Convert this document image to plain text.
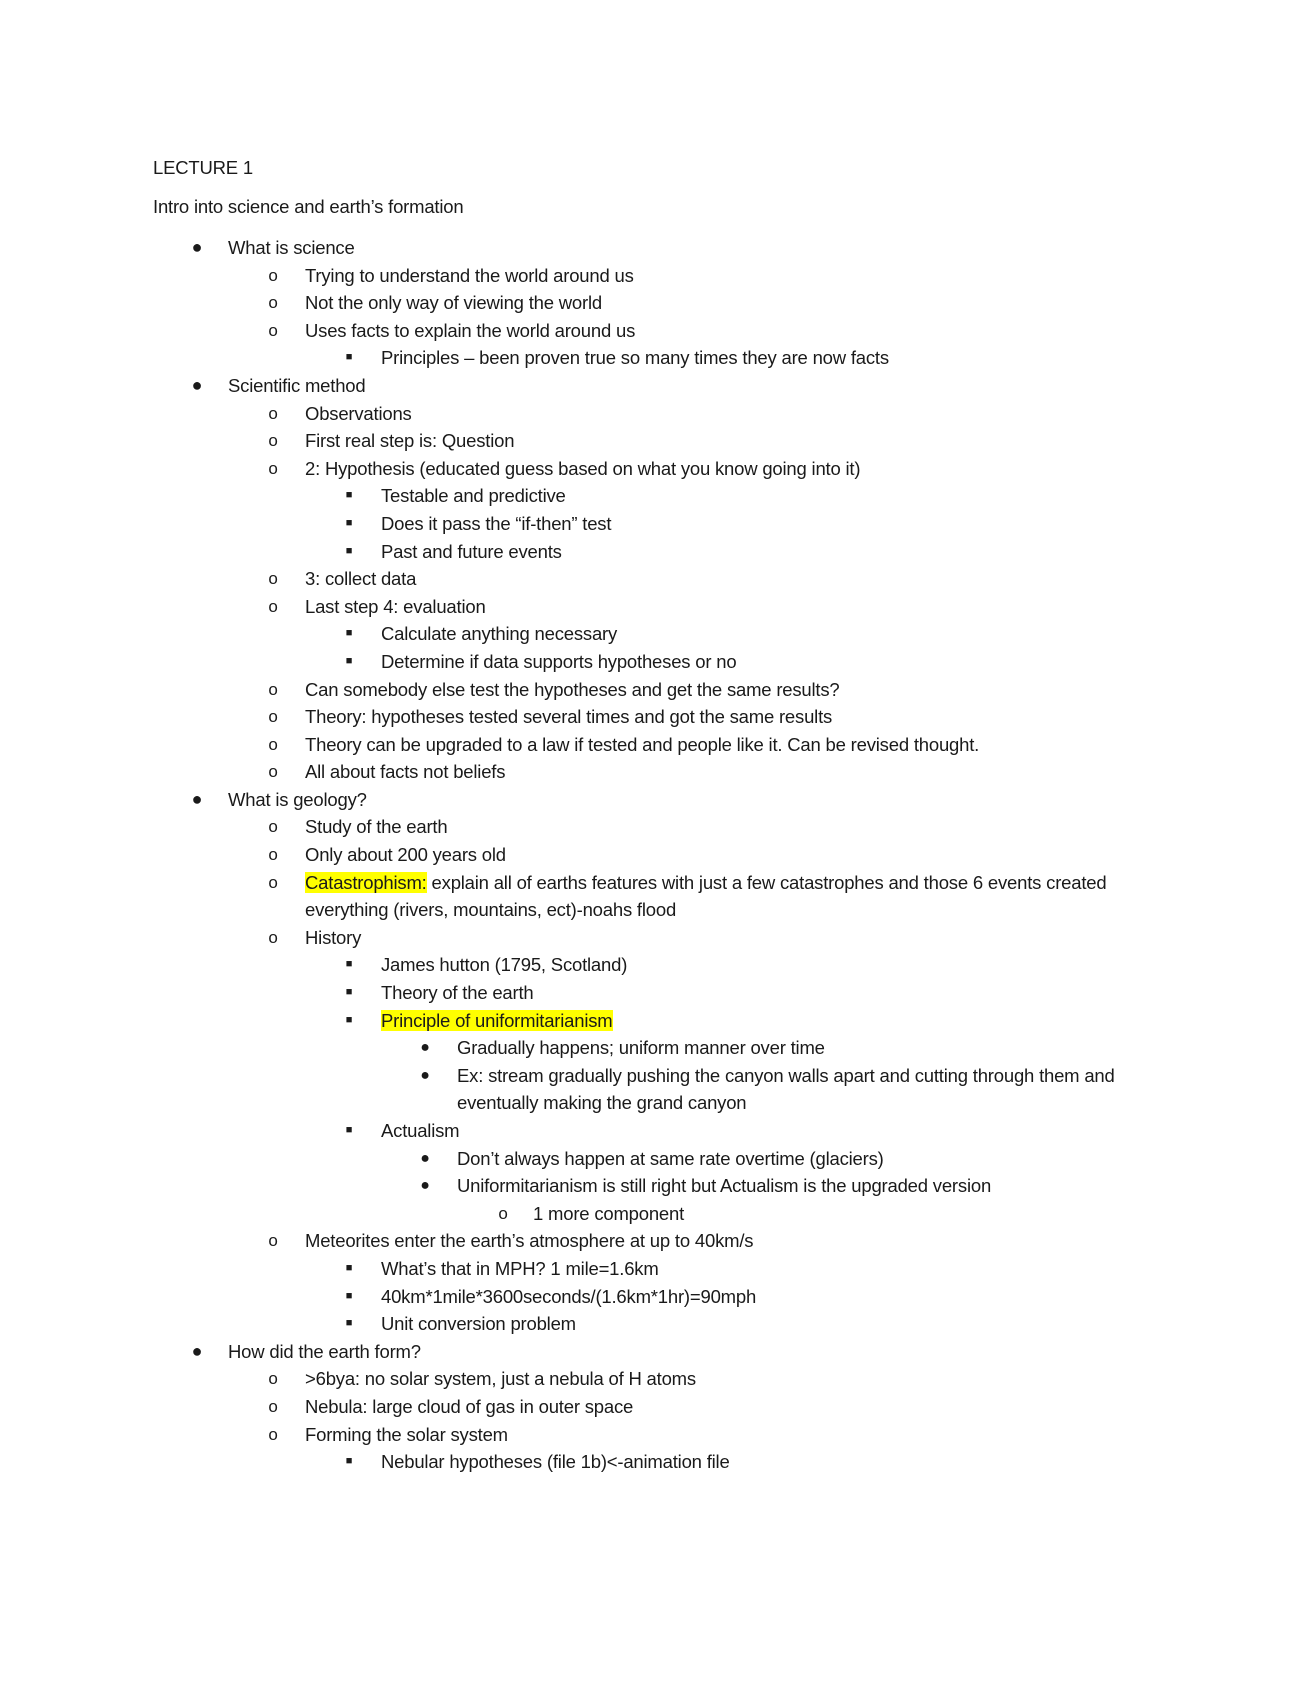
LECTURE 1
Intro into science and earth’s formation
● What is science
o Trying to understand the world around us
o Not the only way of viewing the world
o Uses facts to explain the world around us
■	Principles – been proven true so many times they are now facts
● Scientific method
o Observations
o First real step is: Question
o 2: Hypothesis (educated guess based on what you know going into it)
■	Testable and predictive
■	Does it pass the “if-then” test
■	Past and future events
o 3: collect data
o Last step 4: evaluation
■	Calculate anything necessary
■	Determine if data supports hypotheses or no
o Can somebody else test the hypotheses and get the same results?
o Theory: hypotheses tested several times and got the same results
o Theory can be upgraded to a law if tested and people like it. Can be revised thought.
o All about facts not beliefs
● What is geology?
o Study of the earth
o Only about 200 years old
o Catastrophism: explain all of earths features with just a few catastrophes and those 6 events created everything (rivers, mountains, ect)-noahs flood
o History
■	James hutton (1795, Scotland)
■	Theory of the earth
■	Principle of uniformitarianism
● Gradually happens; uniform manner over time
● Ex: stream gradually pushing the canyon walls apart and cutting through them and eventually making the grand canyon
■	Actualism
● Don’t always happen at same rate overtime (glaciers)
● Uniformitarianism is still right but Actualism is the upgraded version
o 1 more component
o Meteorites enter the earth’s atmosphere at up to 40km/s
■	What’s that in MPH? 1 mile=1.6km
■	40km*1mile*3600seconds/(1.6km*1hr)=90mph
■	Unit conversion problem
● How did the earth form?
o >6bya: no solar system, just a nebula of H atoms
o Nebula: large cloud of gas in outer space
o Forming the solar system
■	Nebular hypotheses (file 1b)<-animation file
